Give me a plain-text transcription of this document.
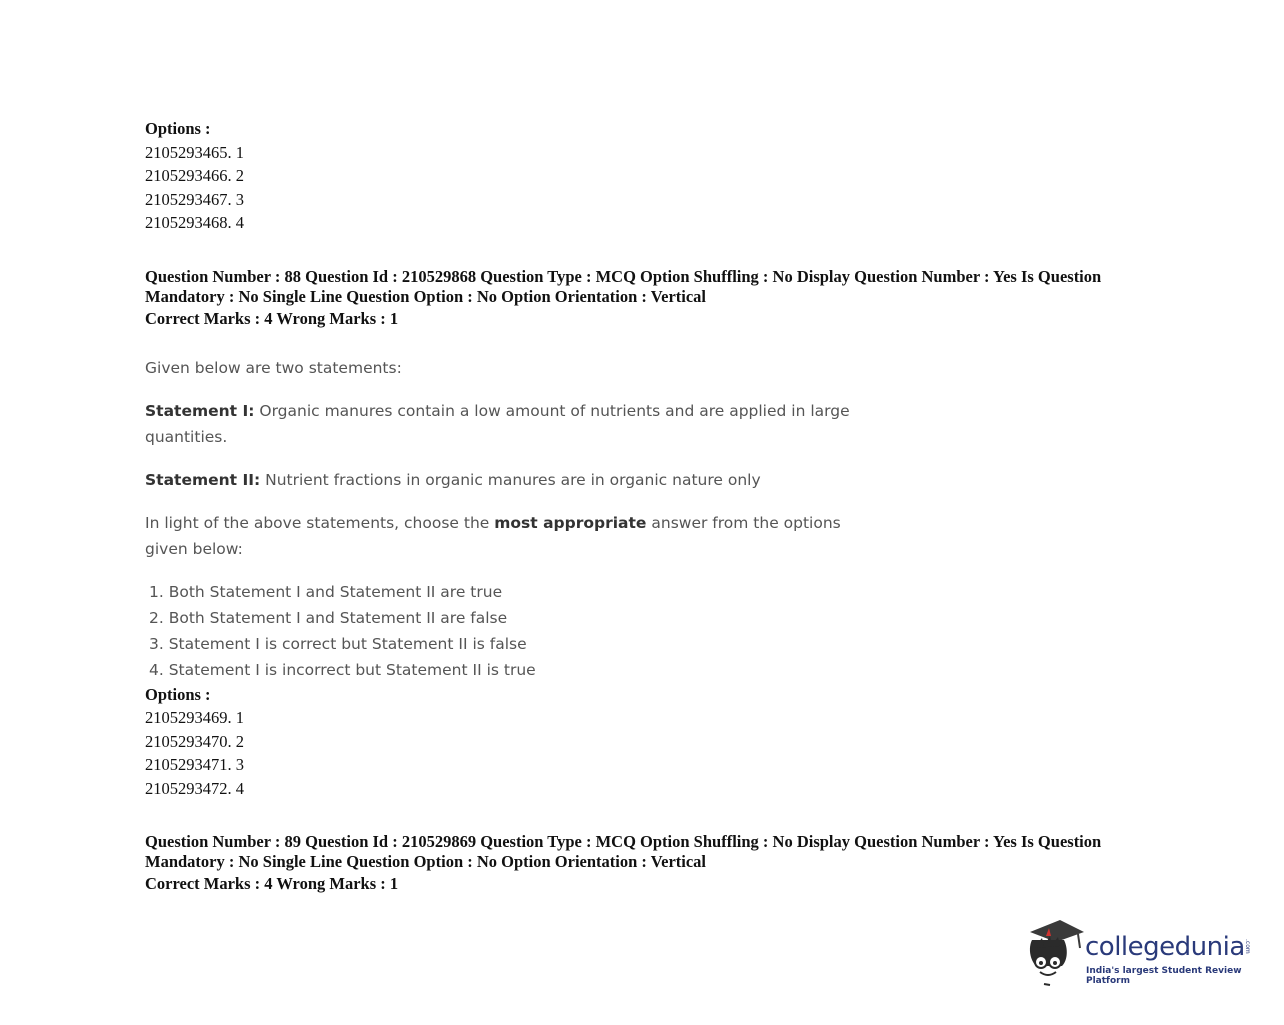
Options :
2105293465. 1
2105293466. 2
2105293467. 3
2105293468. 4
Question Number : 88 Question Id : 210529868 Question Type : MCQ Option Shuffling : No Display Question Number : Yes Is Question
Mandatory : No Single Line Question Option : No Option Orientation : Vertical
Correct Marks : 4 Wrong Marks : 1
Given below are two statements:
Statement I: Organic manures contain a low amount of nutrients and are applied in large quantities.
Statement II: Nutrient fractions in organic manures are in organic nature only
In light of the above statements, choose the most appropriate answer from the options given below:
1. Both Statement I and Statement II are true
2. Both Statement I and Statement II are false
3. Statement I is correct but Statement II is false
4. Statement I is incorrect but Statement II is true
Options :
2105293469. 1
2105293470. 2
2105293471. 3
2105293472. 4
Question Number : 89 Question Id : 210529869 Question Type : MCQ Option Shuffling : No Display Question Number : Yes Is Question
Mandatory : No Single Line Question Option : No Option Orientation : Vertical
Correct Marks : 4 Wrong Marks : 1
collegedunia .com
India's largest Student Review Platform
